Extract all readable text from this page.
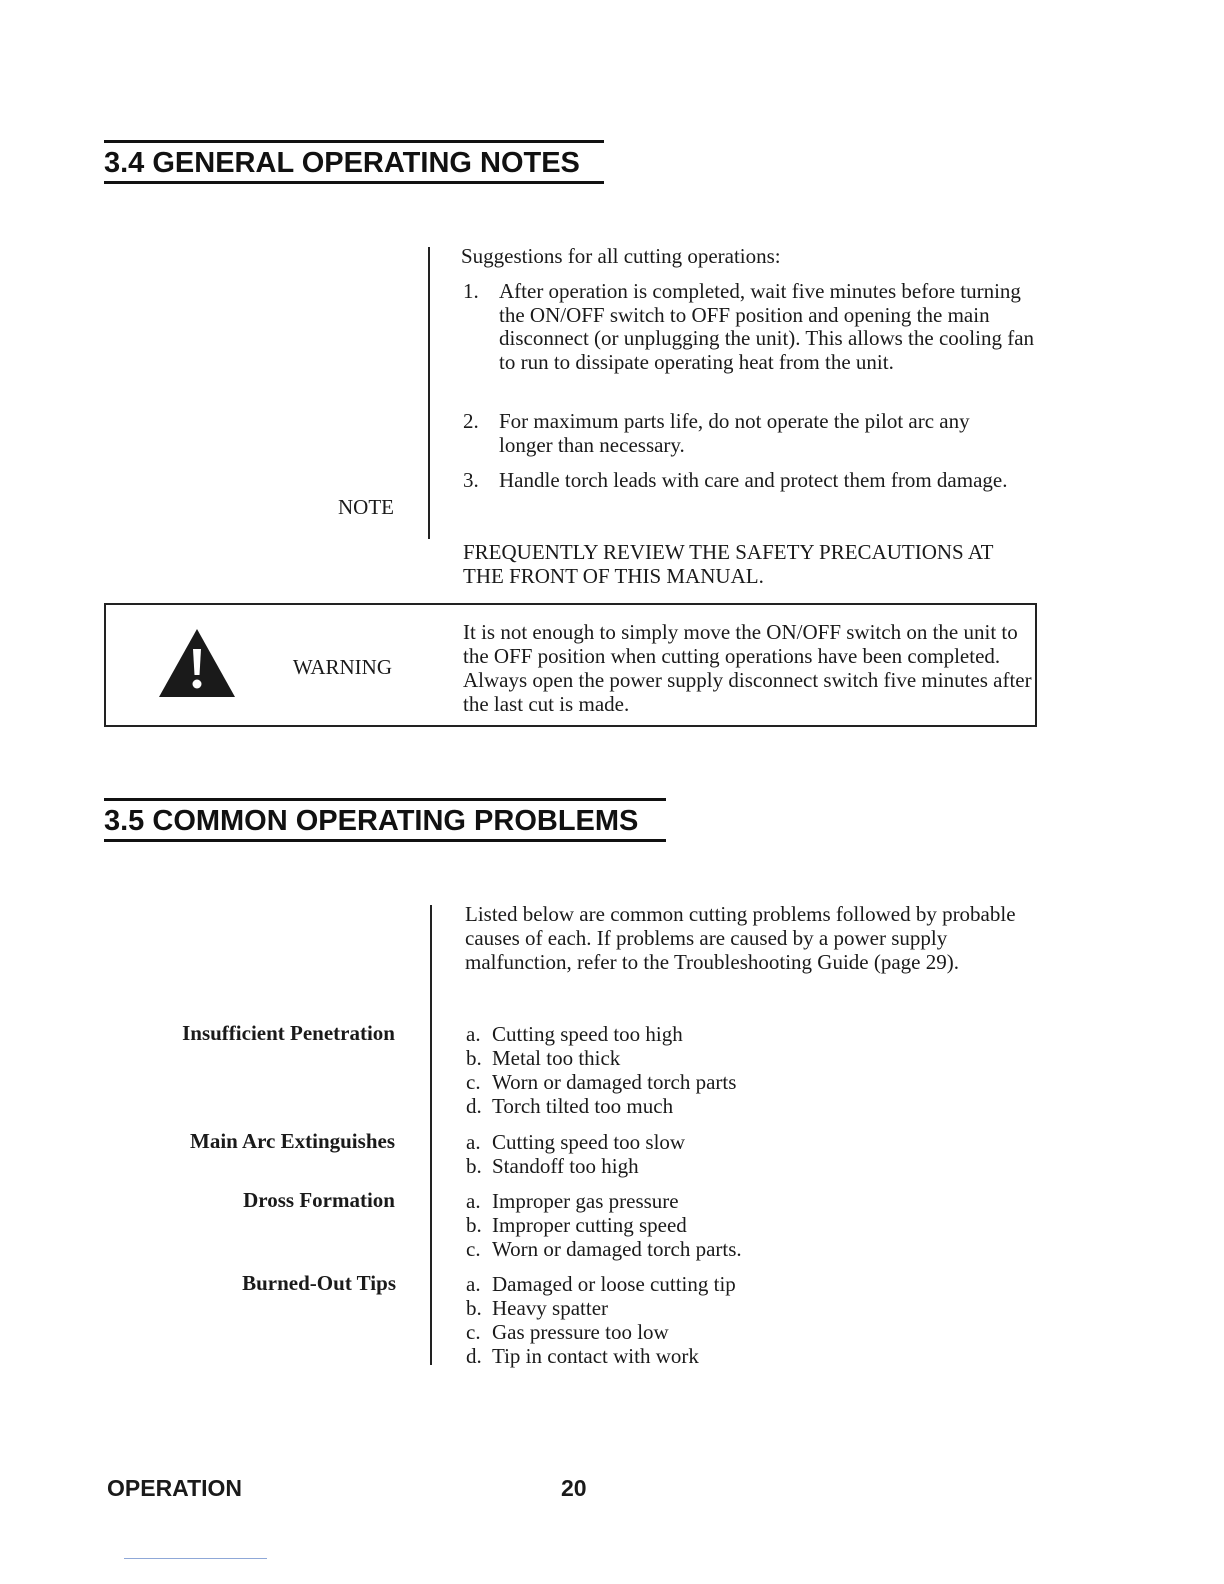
3.4 GENERAL OPERATING NOTES
Suggestions for all cutting operations:
1. After operation is completed, wait five minutes before turning the ON/OFF switch to OFF position and opening the main disconnect (or unplugging the unit). This allows the cooling fan to run to dissipate operating heat from the unit.
2. For maximum parts life, do not operate the pilot arc any longer than necessary.
3. Handle torch leads with care and protect them from damage.
NOTE
FREQUENTLY REVIEW THE SAFETY PRECAUTIONS AT THE FRONT OF THIS MANUAL.
WARNING
It is not enough to simply move the ON/OFF switch on the unit to the OFF position when cutting operations have been completed. Always open the power supply disconnect switch five minutes after the last cut is made.
3.5 COMMON OPERATING PROBLEMS
Listed below are common cutting problems followed by probable causes of each. If problems are caused by a power supply malfunction, refer to the Troubleshooting Guide (page 29).
Insufficient Penetration	a. Cutting speed too high
b. Metal too thick
c. Worn or damaged torch parts
d. Torch tilted too much
Main Arc Extinguishes	a. Cutting speed too slow
b. Standoff too high
Dross Formation	a. Improper gas pressure
b. Improper cutting speed
c. Worn or damaged torch parts.
Burned-Out Tips	a. Damaged or loose cutting tip
b. Heavy spatter
c. Gas pressure too low
d. Tip in contact with work
OPERATION	20
